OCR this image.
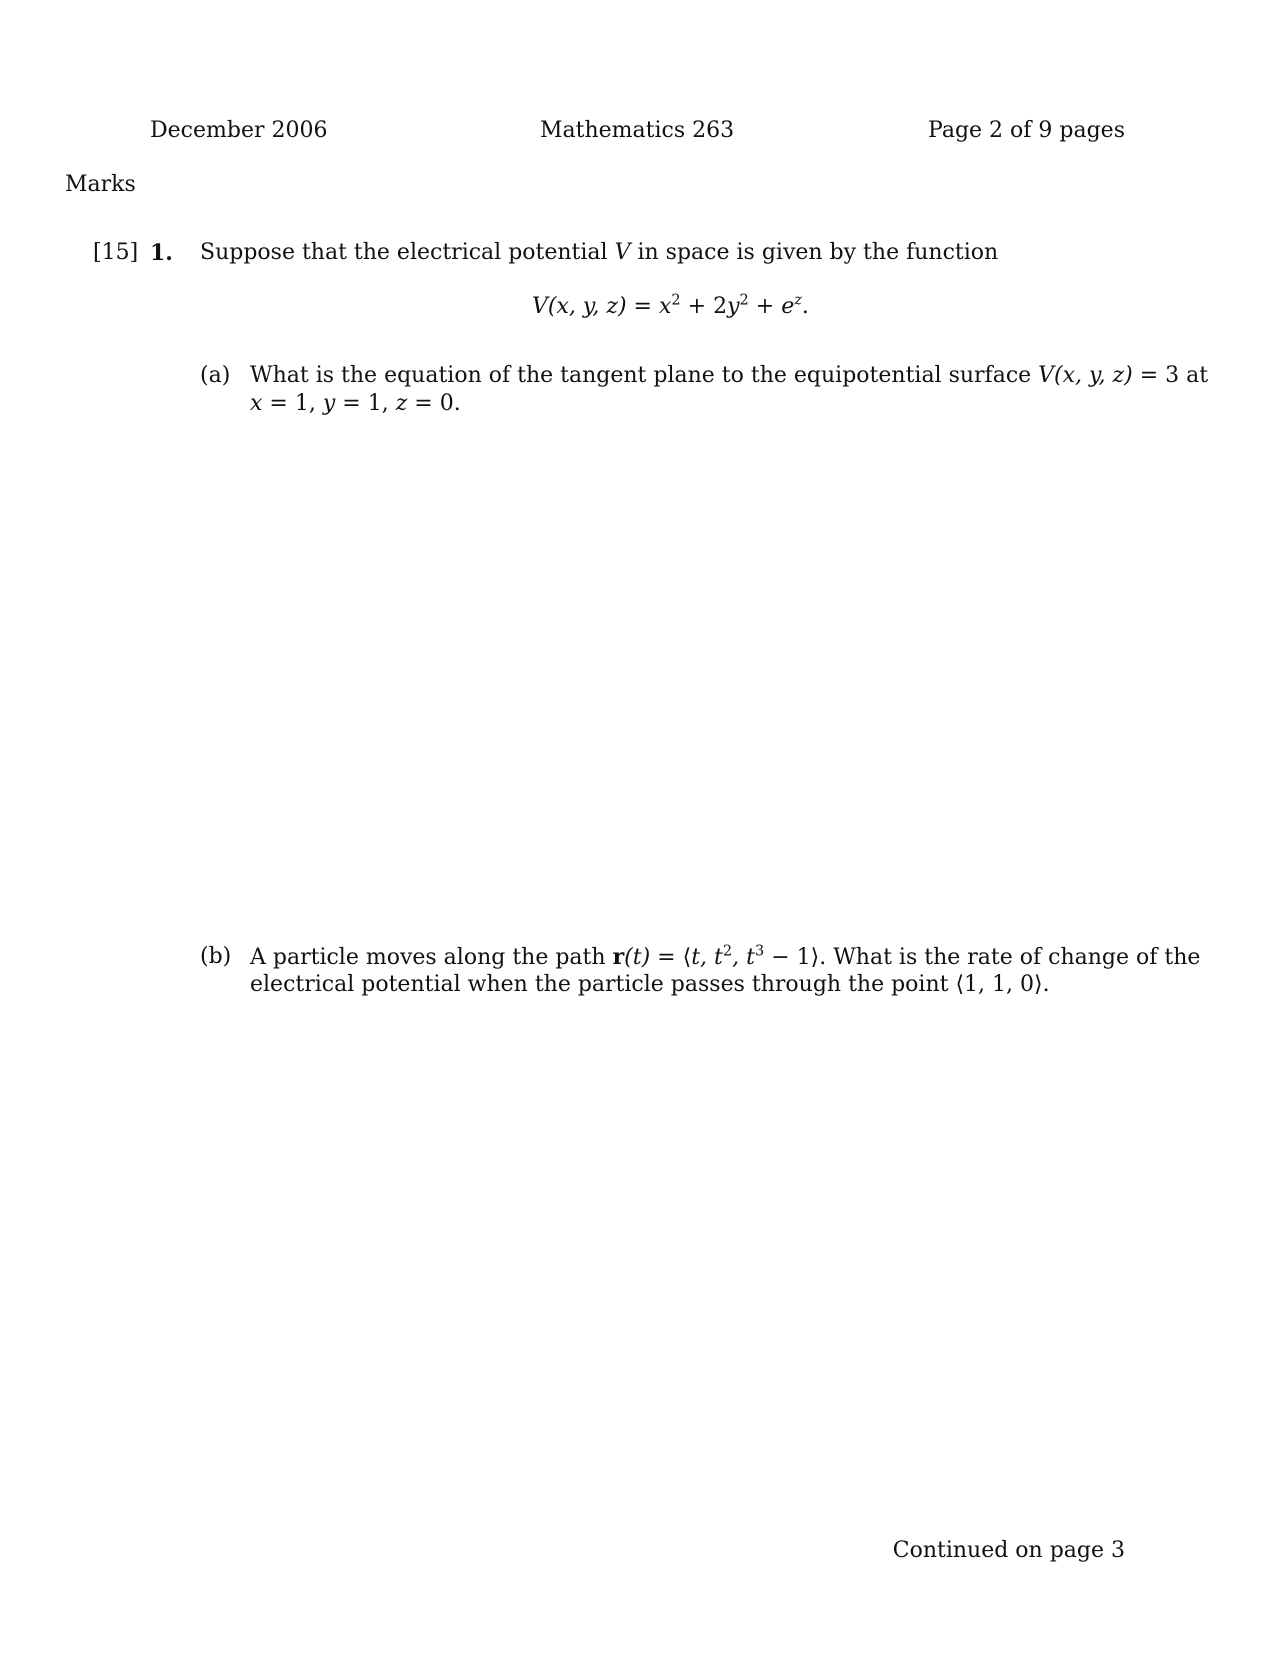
December 2006	Mathematics 263	Page 2 of 9 pages
Marks
[15] 1. Suppose that the electrical potential V in space is given by the function
V(x, y, $z) = x^2 + 2y^2 + e^z$.
(a) What is the equation of the tangent plane to the equipotential surface V(x, y, z) = 3 at
x = 1, y = 1, z = 0.
(b) A particle moves along the path r(t) = ⟨t, $t^2$, $t^3$ − 1⟩. What is the rate of change of the
electrical potential when the particle passes through the point ⟨1, 1, 0⟩.
Continued on page 3
